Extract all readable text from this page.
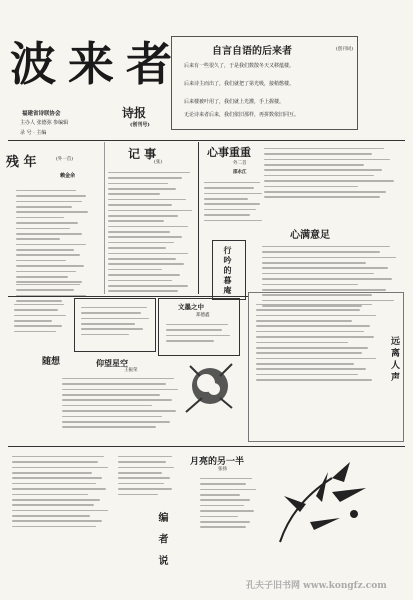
波 来 者
诗报
(创刊号)
福建省诗联协会
主办人 张德弥 参编辑
录 号 · 主编
自言自语的后来者	(创刊词)
后来有一些很久了，于是我们数散冬天又移蕴楼。
后来诗主而出了，我们就把了第光吸，接稍憋楼。
后来楼被叶用了，我们就上光灌，手上握楼。
无论诗来者后来，我们依旧那样，再拼数依旧同互。
残 年	(外一首)
赖金余
记 事
(张)
心事重重
外二首
邵永江
行吟的暮庵
心满意足
随想
文墨之中
郑德鑫
仰望星空
王振荣	远离人声
编 者 说
月亮的另一半
张扬
孔夫子旧书网 www.kongfz.com
